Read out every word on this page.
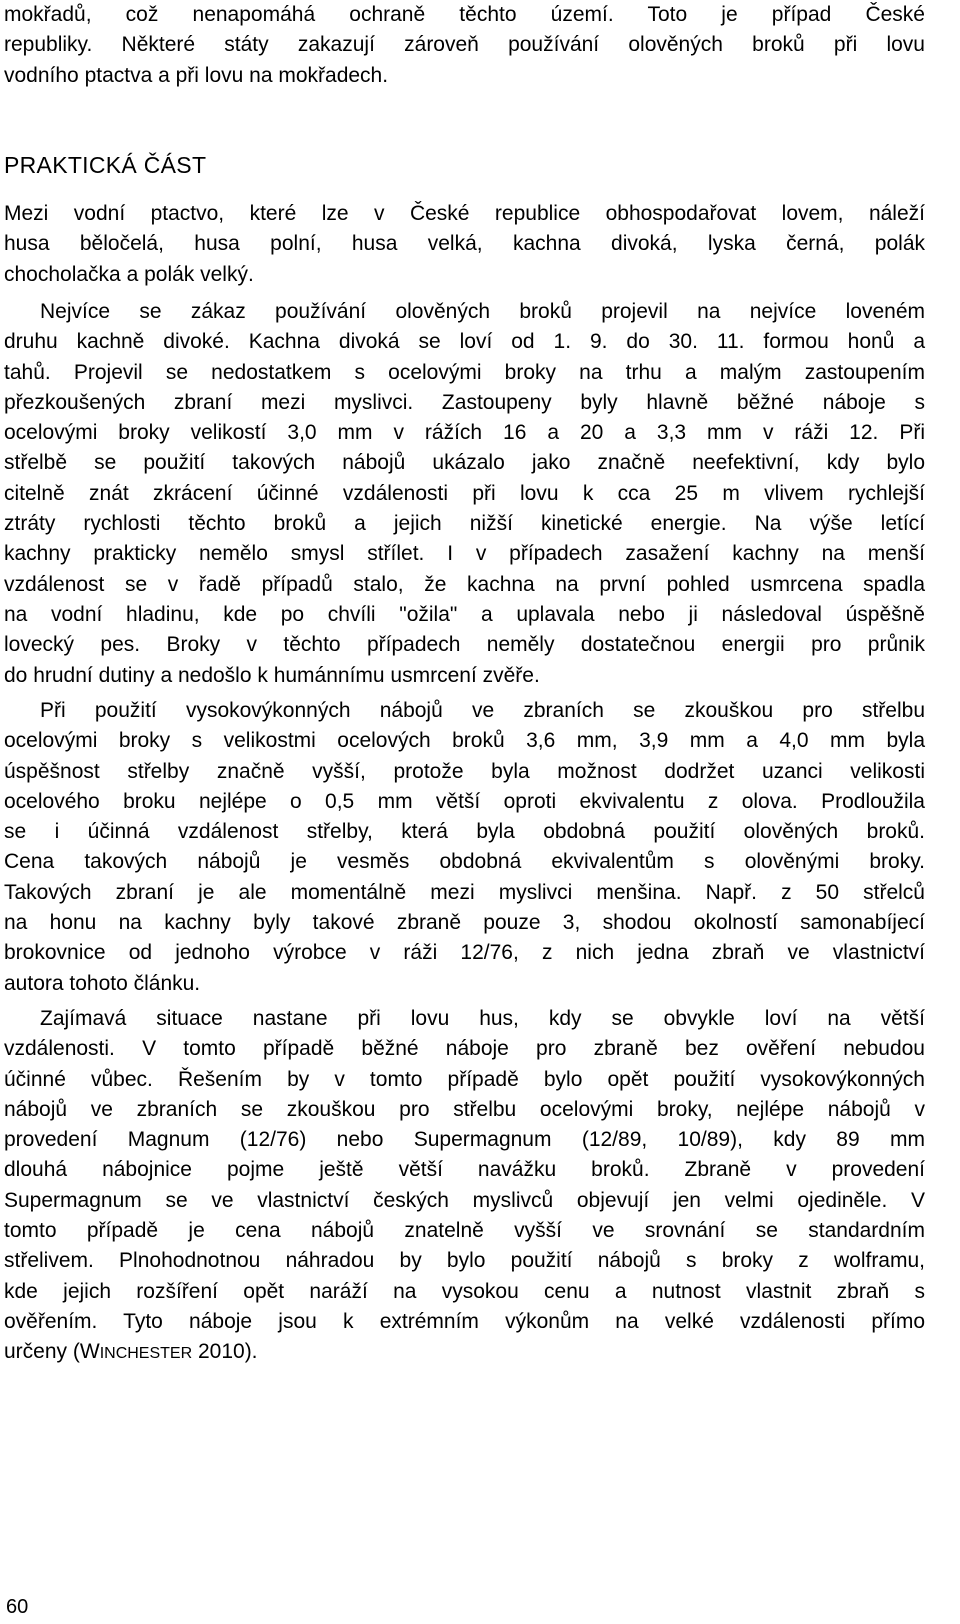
mokřadů, což nenapomáhá ochraně těchto území. Toto je případ České
republiky. Některé státy zakazují zároveň používání olověných broků při lovu
vodního ptactva a při lovu na mokřadech.
PRAKTICKÁ ČÁST
Mezi vodní ptactvo, které lze v České republice obhospodařovat lovem, náleží
husa běločelá, husa polní, husa velká, kachna divoká, lyska černá, polák
chocholačka a polák velký.
Nejvíce se zákaz používání olověných broků projevil na nejvíce loveném
druhu kachně divoké. Kachna divoká se loví od 1. 9. do 30. 11. formou honů a
tahů. Projevil se nedostatkem s ocelovými broky na trhu a malým zastoupením
přezkoušených zbraní mezi myslivci. Zastoupeny byly hlavně běžné náboje s
ocelovými broky velikostí 3,0 mm v rážích 16 a 20 a 3,3 mm v ráži 12. Při
střelbě se použití takových nábojů ukázalo jako značně neefektivní, kdy bylo
citelně znát zkrácení účinné vzdálenosti při lovu k cca 25 m vlivem rychlejší
ztráty rychlosti těchto broků a jejich nižší kinetické energie. Na výše letící
kachny prakticky nemělo smysl střílet. I v případech zasažení kachny na menší
vzdálenost se v řadě případů stalo, že kachna na první pohled usmrcena spadla
na vodní hladinu, kde po chvíli "ožila" a uplavala nebo ji následoval úspěšně
lovecký pes. Broky v těchto případech neměly dostatečnou energii pro průnik
do hrudní dutiny a nedošlo k humánnímu usmrcení zvěře.
Při použití vysokovýkonných nábojů ve zbraních se zkouškou pro střelbu
ocelovými broky s velikostmi ocelových broků 3,6 mm, 3,9 mm a 4,0 mm byla
úspěšnost střelby značně vyšší, protože byla možnost dodržet uzanci velikosti
ocelového broku nejlépe o 0,5 mm větší oproti ekvivalentu z olova. Prodloužila
se i účinná vzdálenost střelby, která byla obdobná použití olověných broků.
Cena takových nábojů je vesměs obdobná ekvivalentům s olověnými broky.
Takových zbraní je ale momentálně mezi myslivci menšina. Např. z 50 střelců
na honu na kachny byly takové zbraně pouze 3, shodou okolností samonabíjecí
brokovnice od jednoho výrobce v ráži 12/76, z nich jedna zbraň ve vlastnictví
autora tohoto článku.
Zajímavá situace nastane při lovu hus, kdy se obvykle loví na větší
vzdálenosti. V tomto případě běžné náboje pro zbraně bez ověření nebudou
účinné vůbec. Řešením by v tomto případě bylo opět použití vysokovýkonných
nábojů ve zbraních se zkouškou pro střelbu ocelovými broky, nejlépe nábojů v
provedení Magnum (12/76) nebo Supermagnum (12/89, 10/89), kdy 89 mm
dlouhá nábojnice pojme ještě větší navážku broků. Zbraně v provedení
Supermagnum se ve vlastnictví českých myslivců objevují jen velmi ojediněle. V
tomto případě je cena nábojů znatelně vyšší ve srovnání se standardním
střelivem. Plnohodnotnou náhradou by bylo použití nábojů s broky z wolframu,
kde jejich rozšíření opět naráží na vysokou cenu a nutnost vlastnit zbraň s
ověřením. Tyto náboje jsou k extrémním výkonům na velké vzdálenosti přímo
určeny (WINCHESTER 2010).
60
